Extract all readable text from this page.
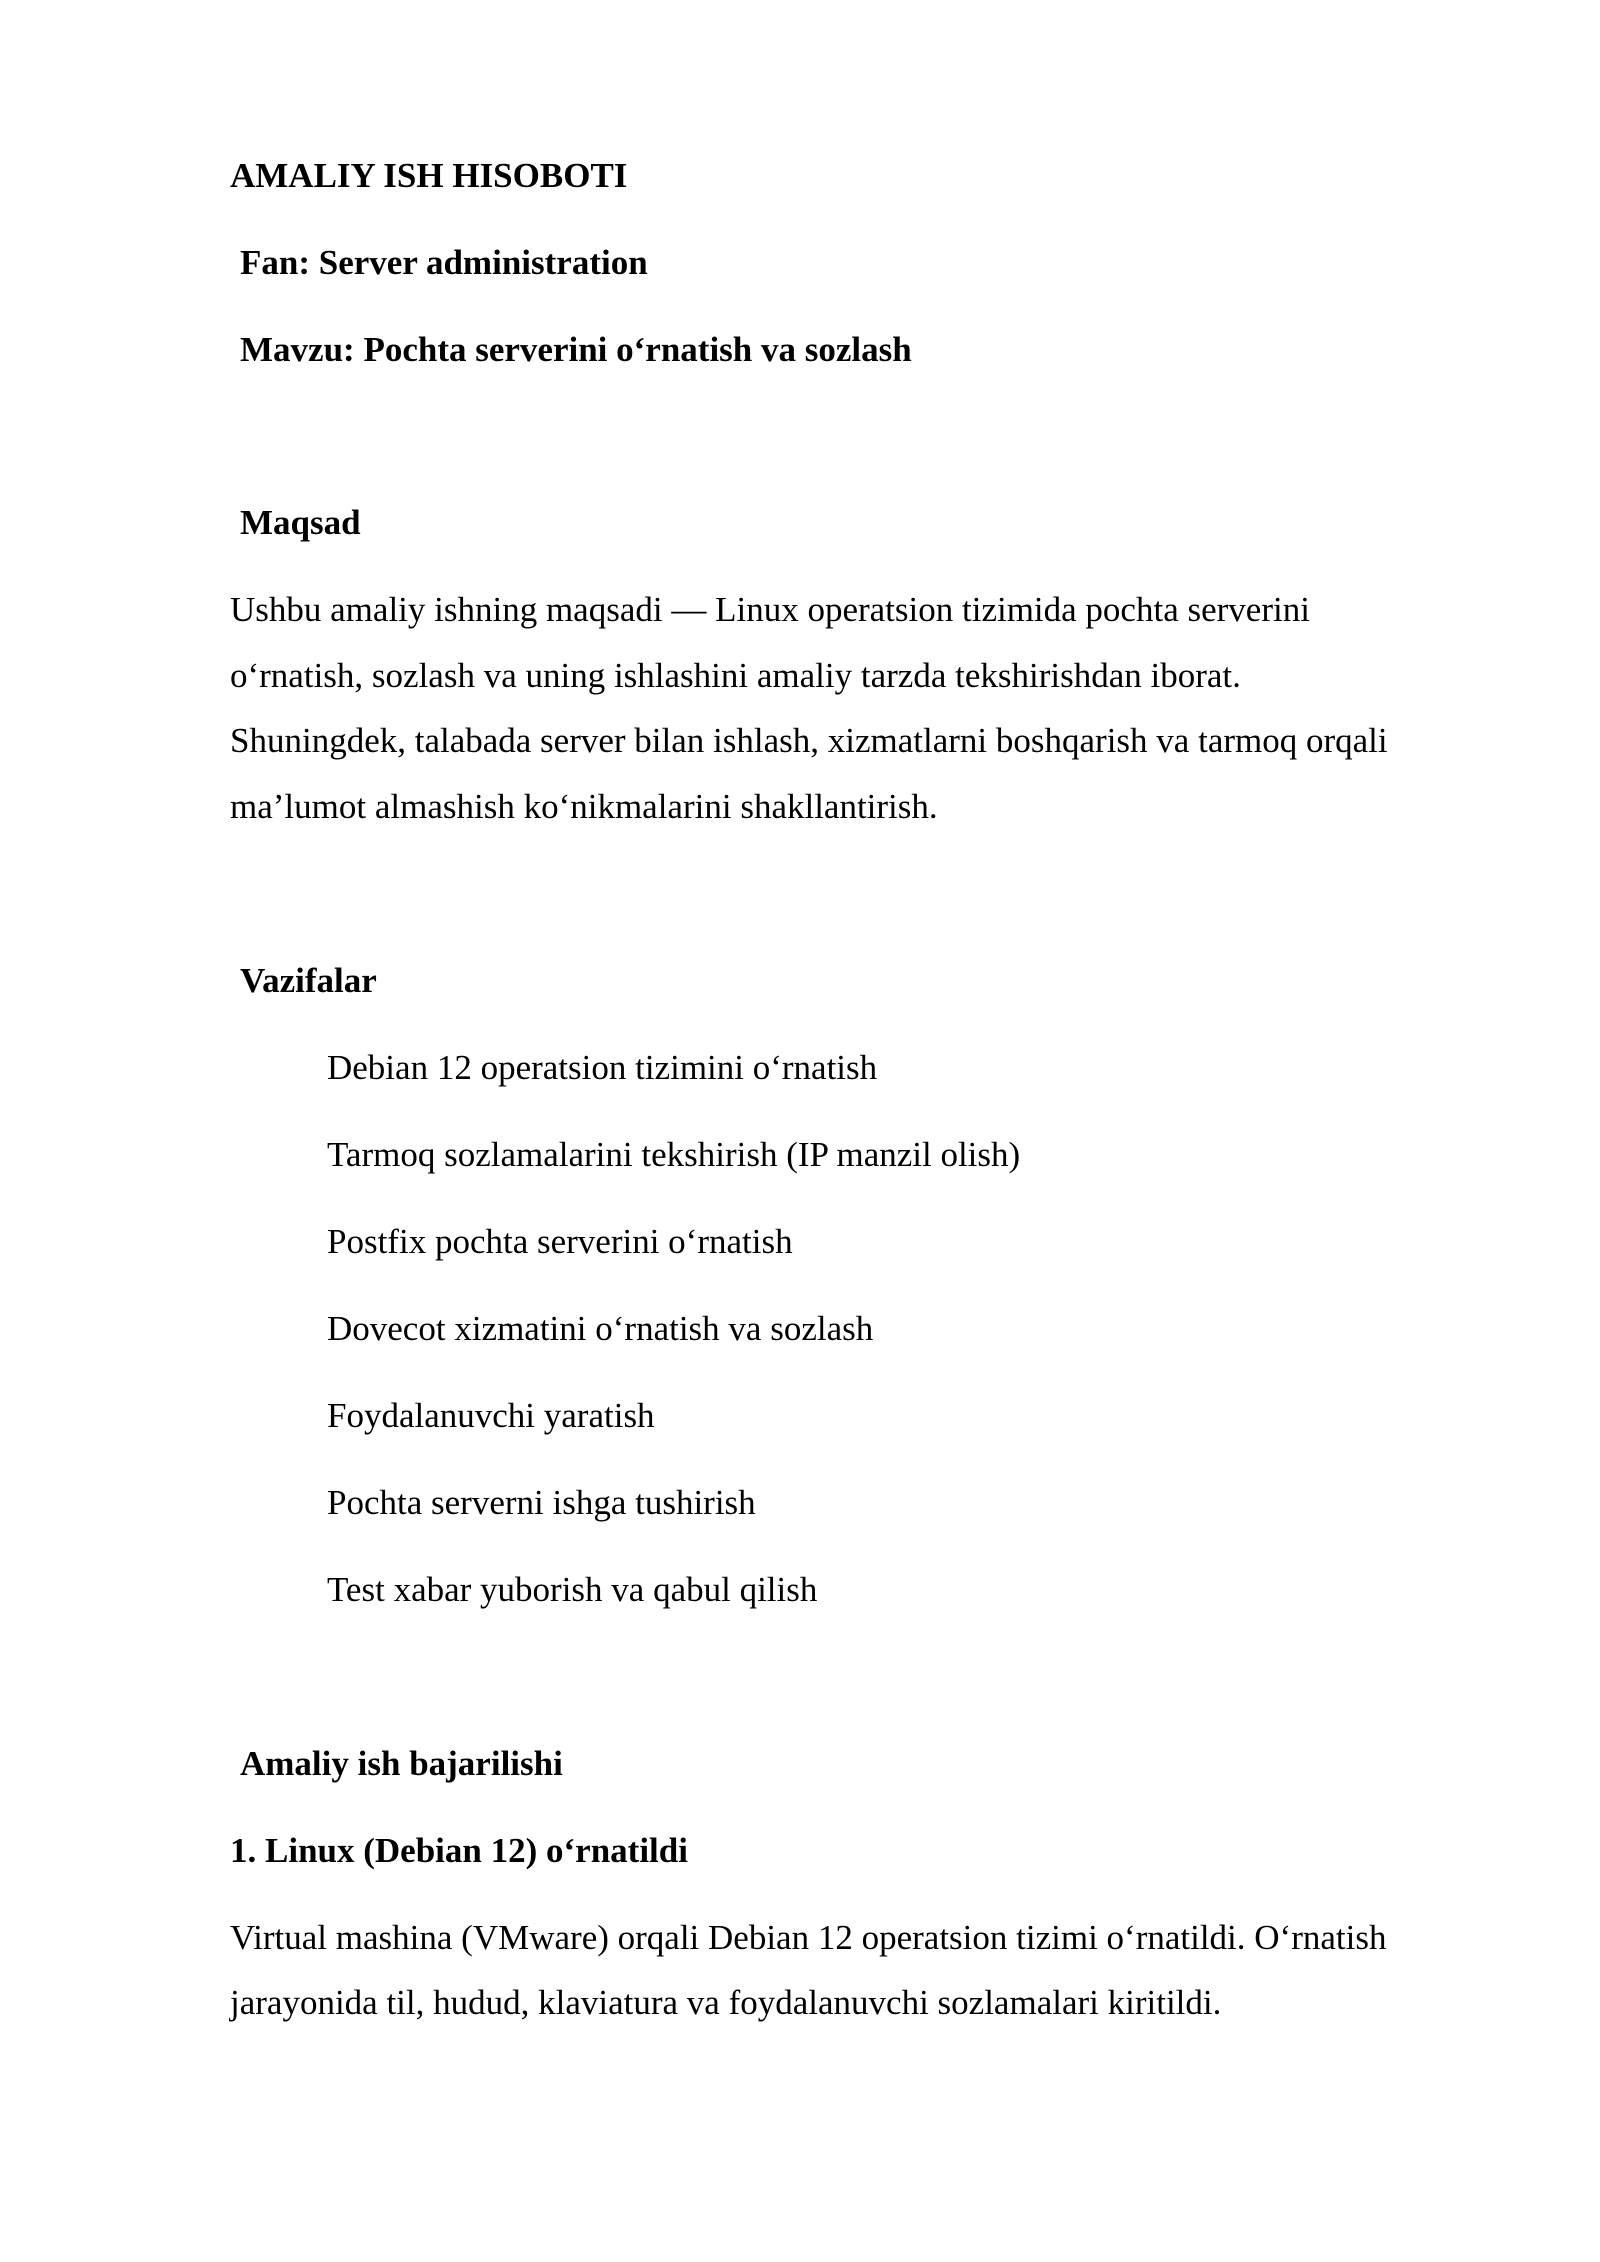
AMALIY ISH HISOBOTI
Fan: Server administration
Mavzu: Pochta serverini o‘rnatish va sozlash
Maqsad
Ushbu amaliy ishning maqsadi — Linux operatsion tizimida pochta serverini
o‘rnatish, sozlash va uning ishlashini amaliy tarzda tekshirishdan iborat.
Shuningdek, talabada server bilan ishlash, xizmatlarni boshqarish va tarmoq orqali
ma’lumot almashish ko‘nikmalarini shakllantirish.
Vazifalar
Debian 12 operatsion tizimini o‘rnatish
Tarmoq sozlamalarini tekshirish (IP manzil olish)
Postfix pochta serverini o‘rnatish
Dovecot xizmatini o‘rnatish va sozlash
Foydalanuvchi yaratish
Pochta serverni ishga tushirish
Test xabar yuborish va qabul qilish
Amaliy ish bajarilishi
1. Linux (Debian 12) o‘rnatildi
Virtual mashina (VMware) orqali Debian 12 operatsion tizimi o‘rnatildi. O‘rnatish
jarayonida til, hudud, klaviatura va foydalanuvchi sozlamalari kiritildi.
